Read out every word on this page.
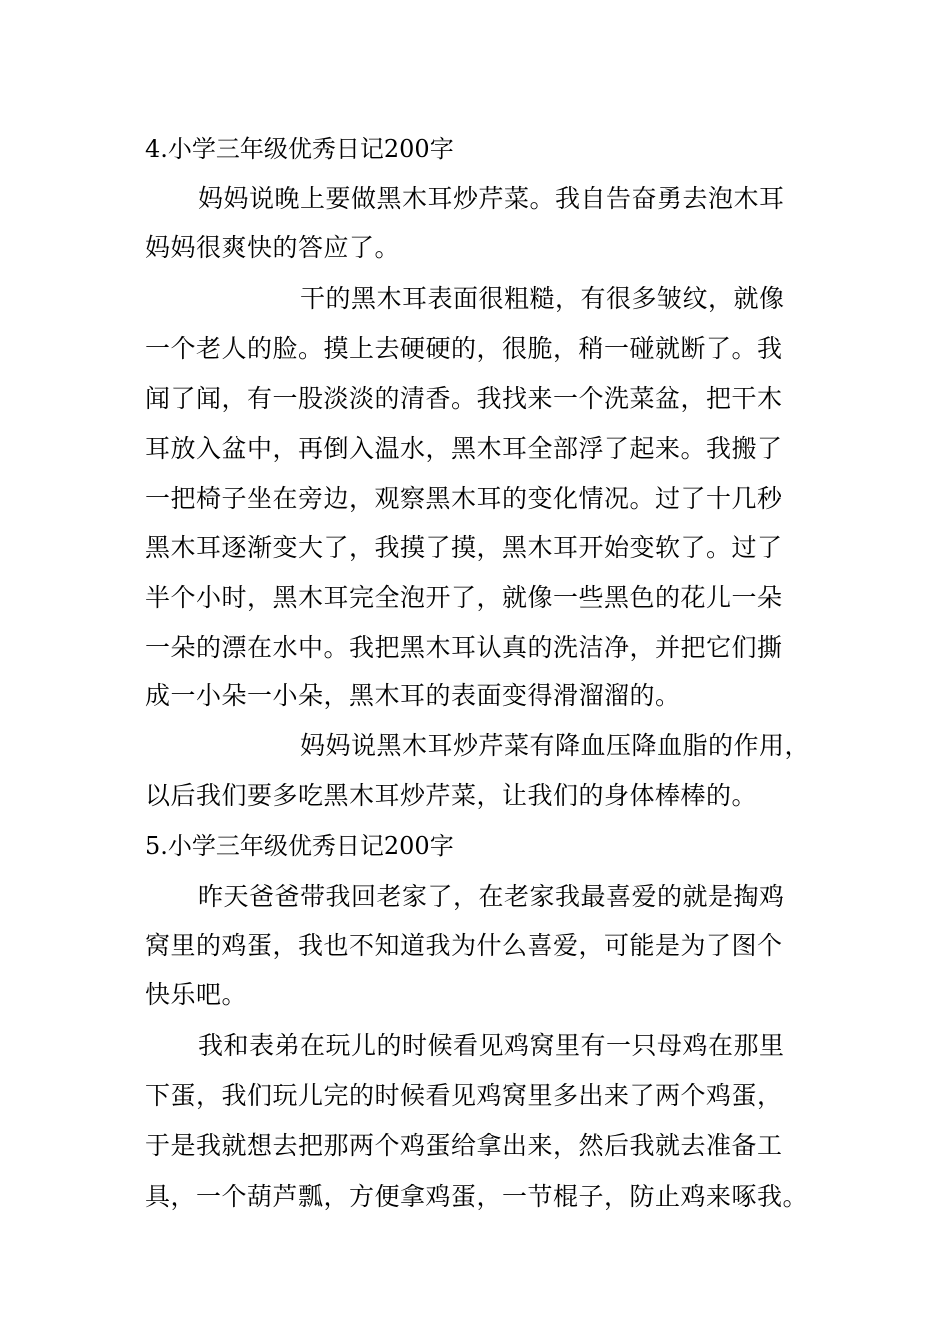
4.小学三年级优秀日记200字
妈妈说晚上要做黑木耳炒芹菜。我自告奋勇去泡木耳
妈妈很爽快的答应了。
干的黑木耳表面很粗糙，有很多皱纹，就像
一个老人的脸。摸上去硬硬的，很脆，稍一碰就断了。我
闻了闻，有一股淡淡的清香。我找来一个洗菜盆，把干木
耳放入盆中，再倒入温水，黑木耳全部浮了起来。我搬了
一把椅子坐在旁边，观察黑木耳的变化情况。过了十几秒
黑木耳逐渐变大了，我摸了摸，黑木耳开始变软了。过了
半个小时，黑木耳完全泡开了，就像一些黑色的花儿一朵
一朵的漂在水中。我把黑木耳认真的洗洁净，并把它们撕
成一小朵一小朵，黑木耳的表面变得滑溜溜的。
妈妈说黑木耳炒芹菜有降血压降血脂的作用，
以后我们要多吃黑木耳炒芹菜，让我们的身体棒棒的。
5.小学三年级优秀日记200字
昨天爸爸带我回老家了，在老家我最喜爱的就是掏鸡
窝里的鸡蛋，我也不知道我为什么喜爱，可能是为了图个
快乐吧。
我和表弟在玩儿的时候看见鸡窝里有一只母鸡在那里
下蛋，我们玩儿完的时候看见鸡窝里多出来了两个鸡蛋，
于是我就想去把那两个鸡蛋给拿出来，然后我就去准备工
具，一个葫芦瓢，方便拿鸡蛋，一节棍子，防止鸡来啄我。
